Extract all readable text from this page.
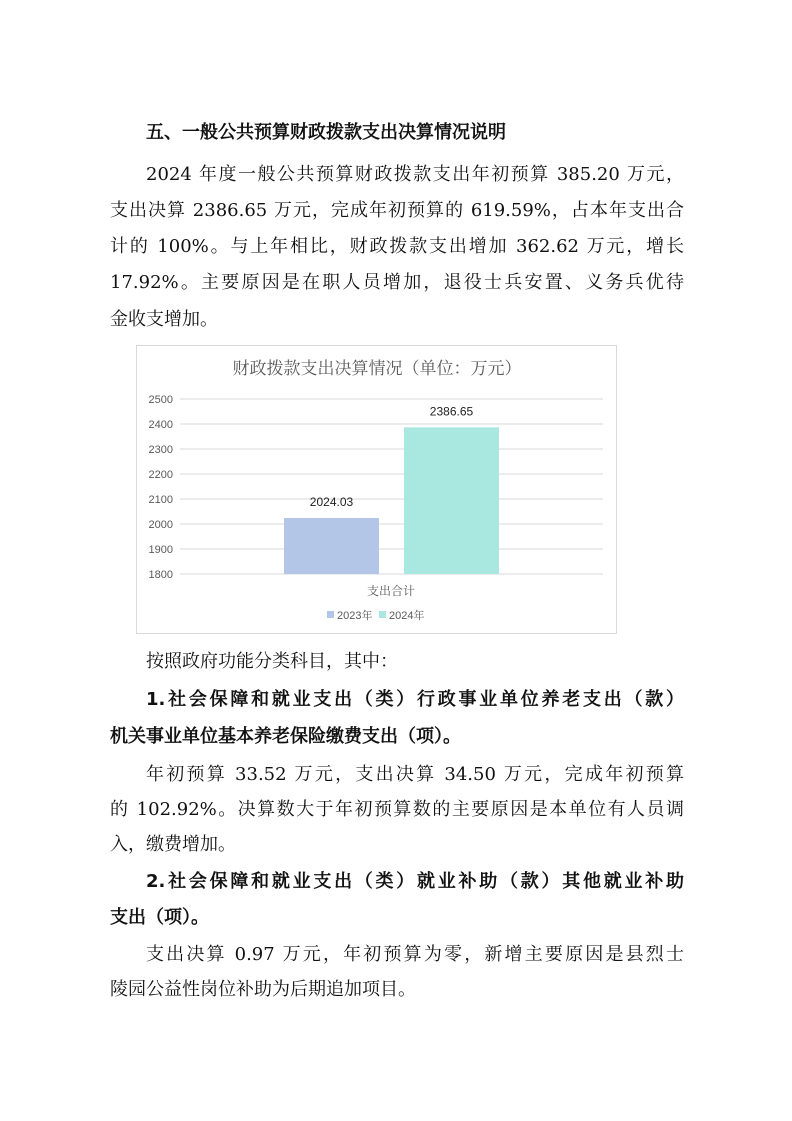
五、一般公共预算财政拨款支出决算情况说明
2024 年度一般公共预算财政拨款支出年初预算 385.20 万元，
支出决算 2386.65 万元，完成年初预算的 619.59%，占本年支出合
计的 100%。与上年相比，财政拨款支出增加 362.62 万元，增长
17.92%。主要原因是在职人员增加，退役士兵安置、义务兵优待
金收支增加。
财政拨款支出决算情况（单位：万元）
1800
1900
2000
2100
2200
2300
2400
2500
2024.03
2386.65
支出合计
2023年 2024年
按照政府功能分类科目，其中：
1.社会保障和就业支出（类）行政事业单位养老支出（款）
机关事业单位基本养老保险缴费支出（项）。
年初预算 33.52 万元，支出决算 34.50 万元，完成年初预算
的 102.92%。决算数大于年初预算数的主要原因是本单位有人员调
入，缴费增加。
2.社会保障和就业支出（类）就业补助（款）其他就业补助
支出（项）。
支出决算 0.97 万元，年初预算为零，新增主要原因是县烈士
陵园公益性岗位补助为后期追加项目。
